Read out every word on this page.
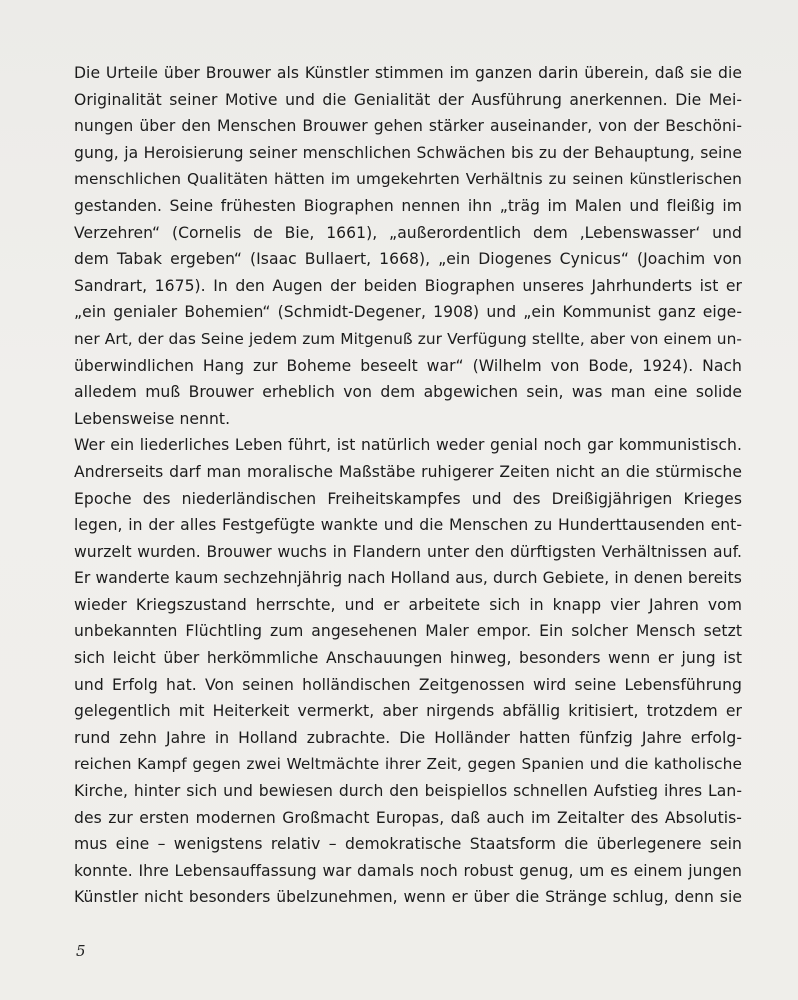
Die Urteile über Brouwer als Künstler stimmen im ganzen darin überein, daß sie die
Originalität seiner Motive und die Genialität der Ausführung anerkennen. Die Mei-
nungen über den Menschen Brouwer gehen stärker auseinander, von der Beschöni-
gung, ja Heroisierung seiner menschlichen Schwächen bis zu der Behauptung, seine
menschlichen Qualitäten hätten im umgekehrten Verhältnis zu seinen künstlerischen
gestanden. Seine frühesten Biographen nennen ihn „träg im Malen und fleißig im
Verzehren“ (Cornelis de Bie, 1661), „außerordentlich dem ‚Lebenswasser‘ und
dem Tabak ergeben“ (Isaac Bullaert, 1668), „ein Diogenes Cynicus“ (Joachim von
Sandrart, 1675). In den Augen der beiden Biographen unseres Jahrhunderts ist er
„ein genialer Bohemien“ (Schmidt-Degener, 1908) und „ein Kommunist ganz eige-
ner Art, der das Seine jedem zum Mitgenuß zur Verfügung stellte, aber von einem un-
überwindlichen Hang zur Boheme beseelt war“ (Wilhelm von Bode, 1924). Nach
alledem muß Brouwer erheblich von dem abgewichen sein, was man eine solide
Lebensweise nennt.
Wer ein liederliches Leben führt, ist natürlich weder genial noch gar kommunistisch.
Andrerseits darf man moralische Maßstäbe ruhigerer Zeiten nicht an die stürmische
Epoche des niederländischen Freiheitskampfes und des Dreißigjährigen Krieges
legen, in der alles Festgefügte wankte und die Menschen zu Hunderttausenden ent-
wurzelt wurden. Brouwer wuchs in Flandern unter den dürftigsten Verhältnissen auf.
Er wanderte kaum sechzehnjährig nach Holland aus, durch Gebiete, in denen bereits
wieder Kriegszustand herrschte, und er arbeitete sich in knapp vier Jahren vom
unbekannten Flüchtling zum angesehenen Maler empor. Ein solcher Mensch setzt
sich leicht über herkömmliche Anschauungen hinweg, besonders wenn er jung ist
und Erfolg hat. Von seinen holländischen Zeitgenossen wird seine Lebensführung
gelegentlich mit Heiterkeit vermerkt, aber nirgends abfällig kritisiert, trotzdem er
rund zehn Jahre in Holland zubrachte. Die Holländer hatten fünfzig Jahre erfolg-
reichen Kampf gegen zwei Weltmächte ihrer Zeit, gegen Spanien und die katholische
Kirche, hinter sich und bewiesen durch den beispiellos schnellen Aufstieg ihres Lan-
des zur ersten modernen Großmacht Europas, daß auch im Zeitalter des Absolutis-
mus eine – wenigstens relativ – demokratische Staatsform die überlegenere sein
konnte. Ihre Lebensauffassung war damals noch robust genug, um es einem jungen
Künstler nicht besonders übelzunehmen, wenn er über die Stränge schlug, denn sie
5
